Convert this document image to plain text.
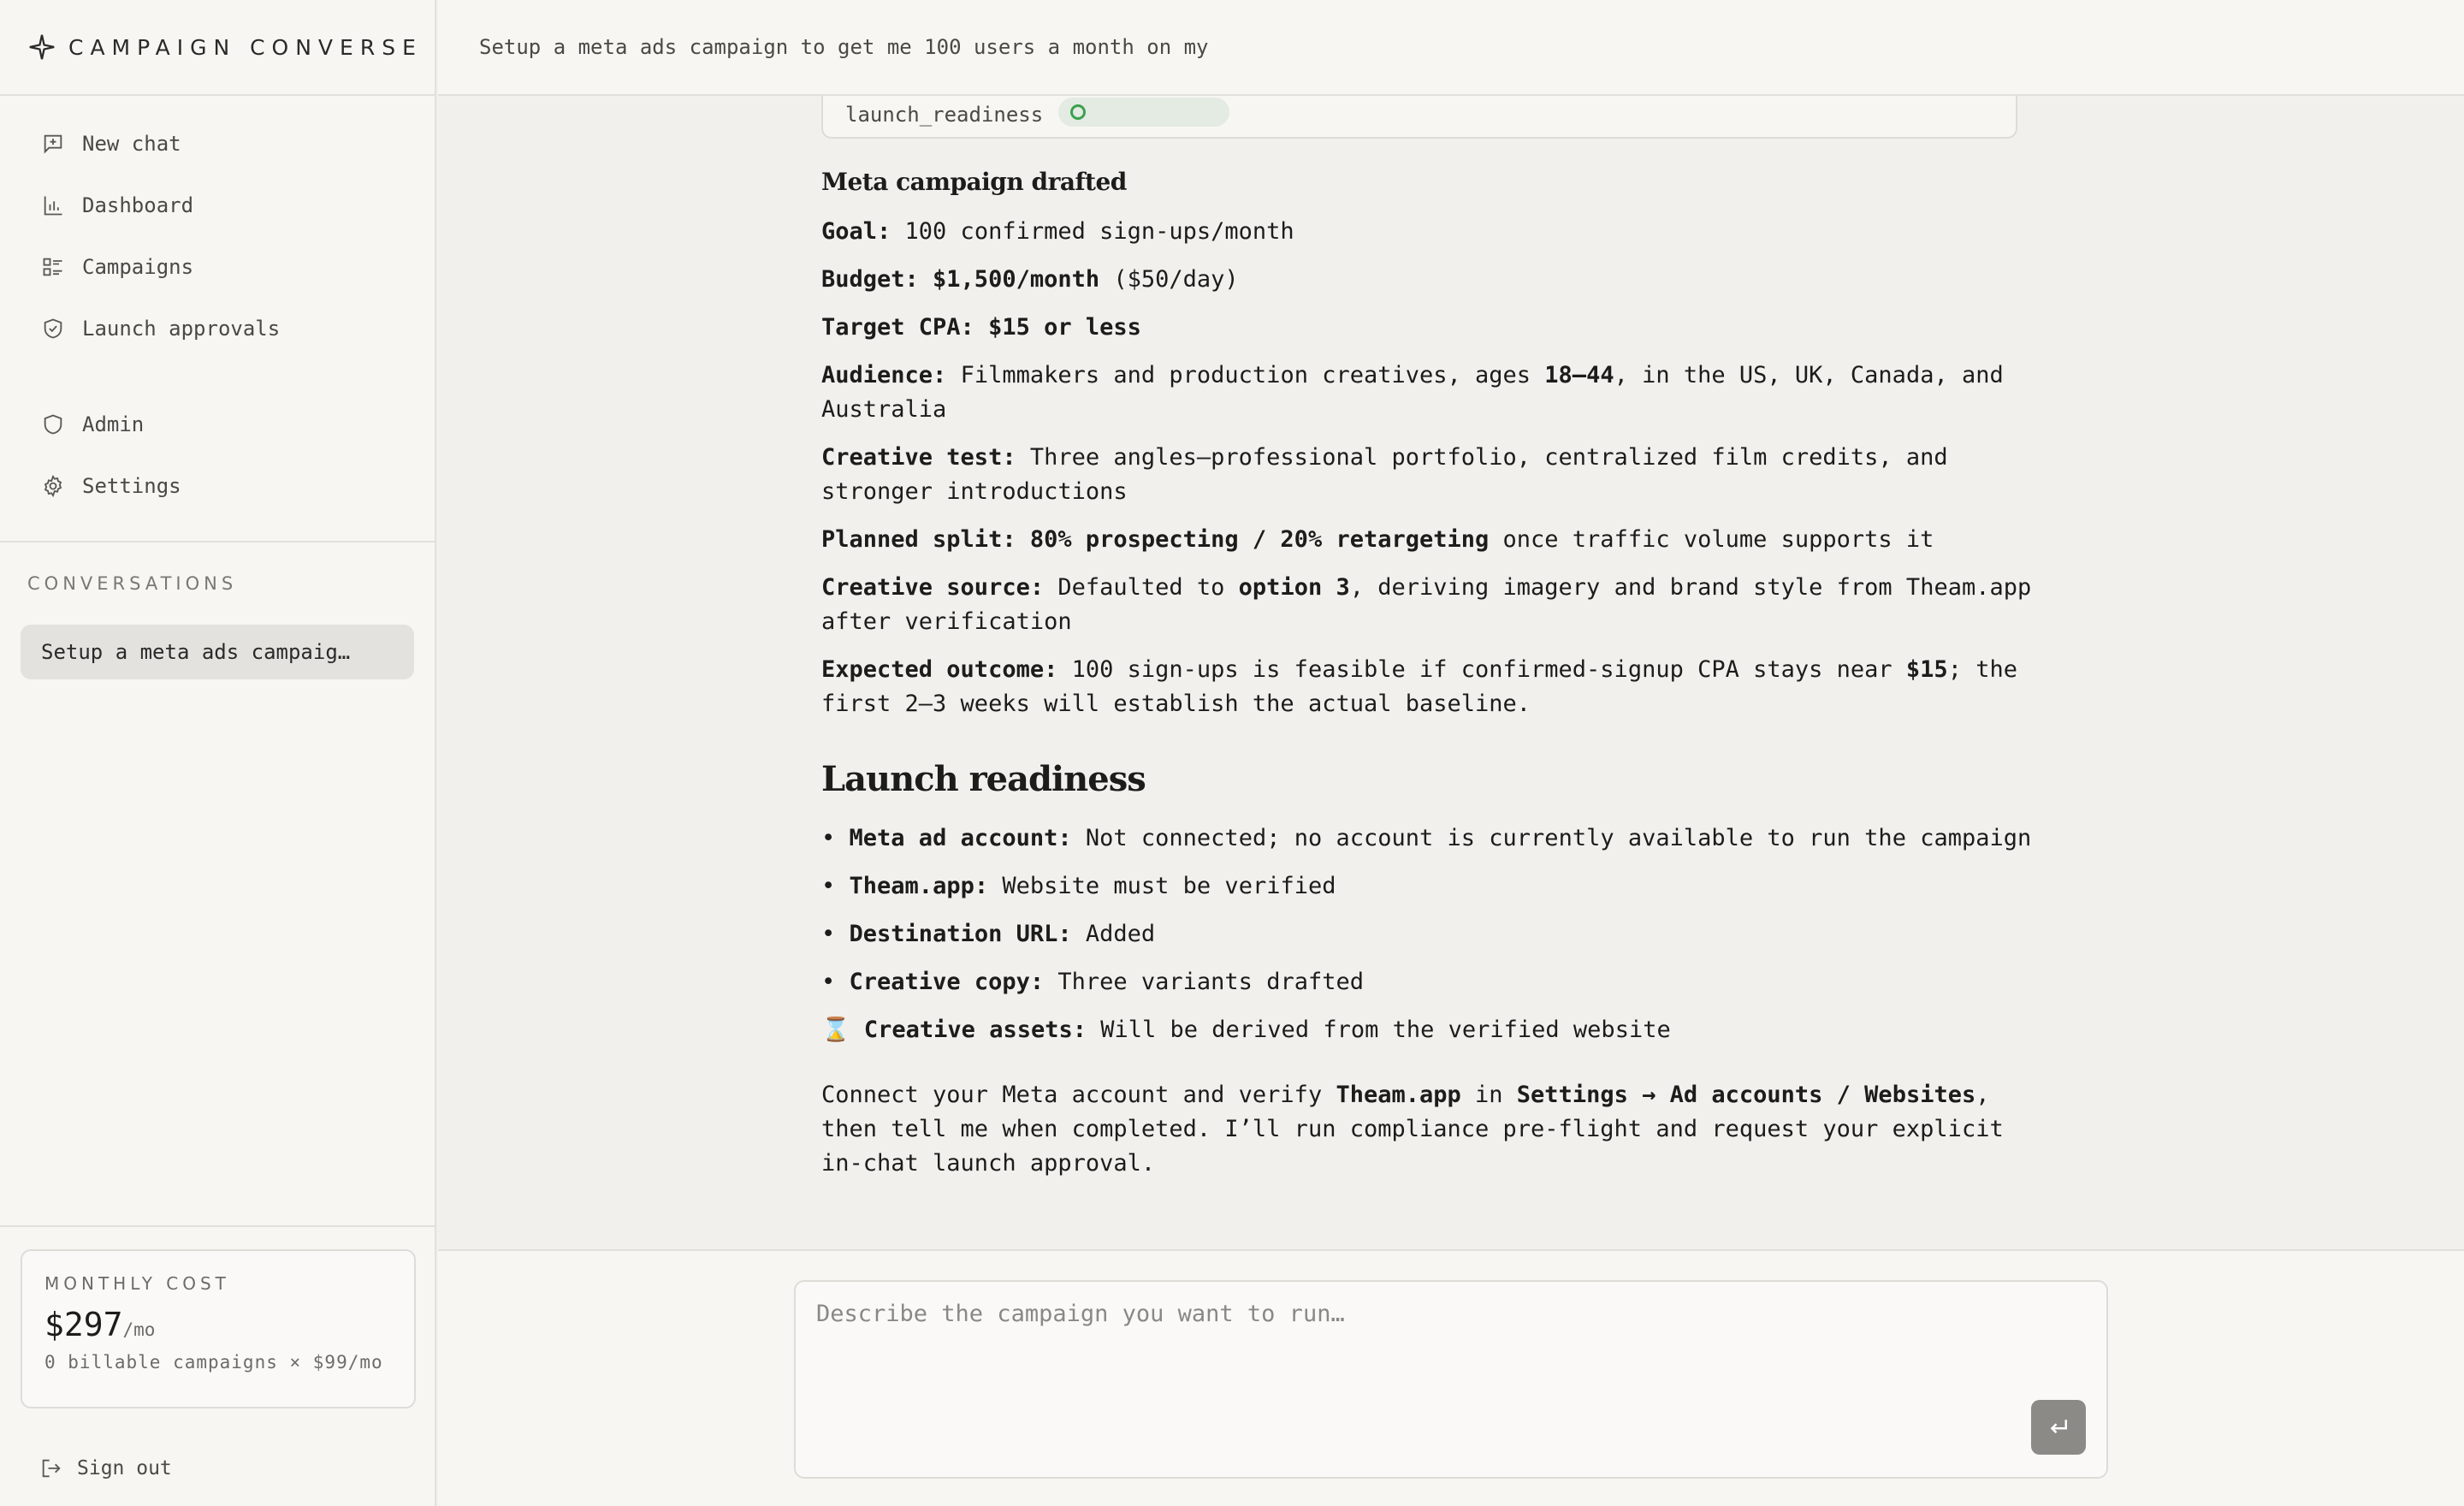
CAMPAIGN CONVERSE
New chat
Dashboard
Campaigns
Launch approvals
Admin
Settings
CONVERSATIONS
Setup a meta ads campaig…
MONTHLY COST
$297/mo
0 billable campaigns × $99/mo
Sign out
Setup a meta ads campaign to get me 100 users a month on my
launch_readiness
Meta campaign drafted
Goal: 100 confirmed sign-ups/month
Budget: $1,500/month ($50/day)
Target CPA: $15 or less
Audience: Filmmakers and production creatives, ages 18–44, in the US, UK, Canada, and Australia
Creative test: Three angles—professional portfolio, centralized film credits, and stronger introductions
Planned split: 80% prospecting / 20% retargeting once traffic volume supports it
Creative source: Defaulted to option 3, deriving imagery and brand style from Theam.app after verification
Expected outcome: 100 sign-ups is feasible if confirmed-signup CPA stays near $15; the first 2–3 weeks will establish the actual baseline.
Launch readiness
• Meta ad account: Not connected; no account is currently available to run the campaign
• Theam.app: Website must be verified
• Destination URL: Added
• Creative copy: Three variants drafted
⌛ Creative assets: Will be derived from the verified website
Connect your Meta account and verify Theam.app in Settings → Ad accounts / Websites, then tell me when completed. I’ll run compliance pre-flight and request your explicit in-chat launch approval.
Describe the campaign you want to run…
